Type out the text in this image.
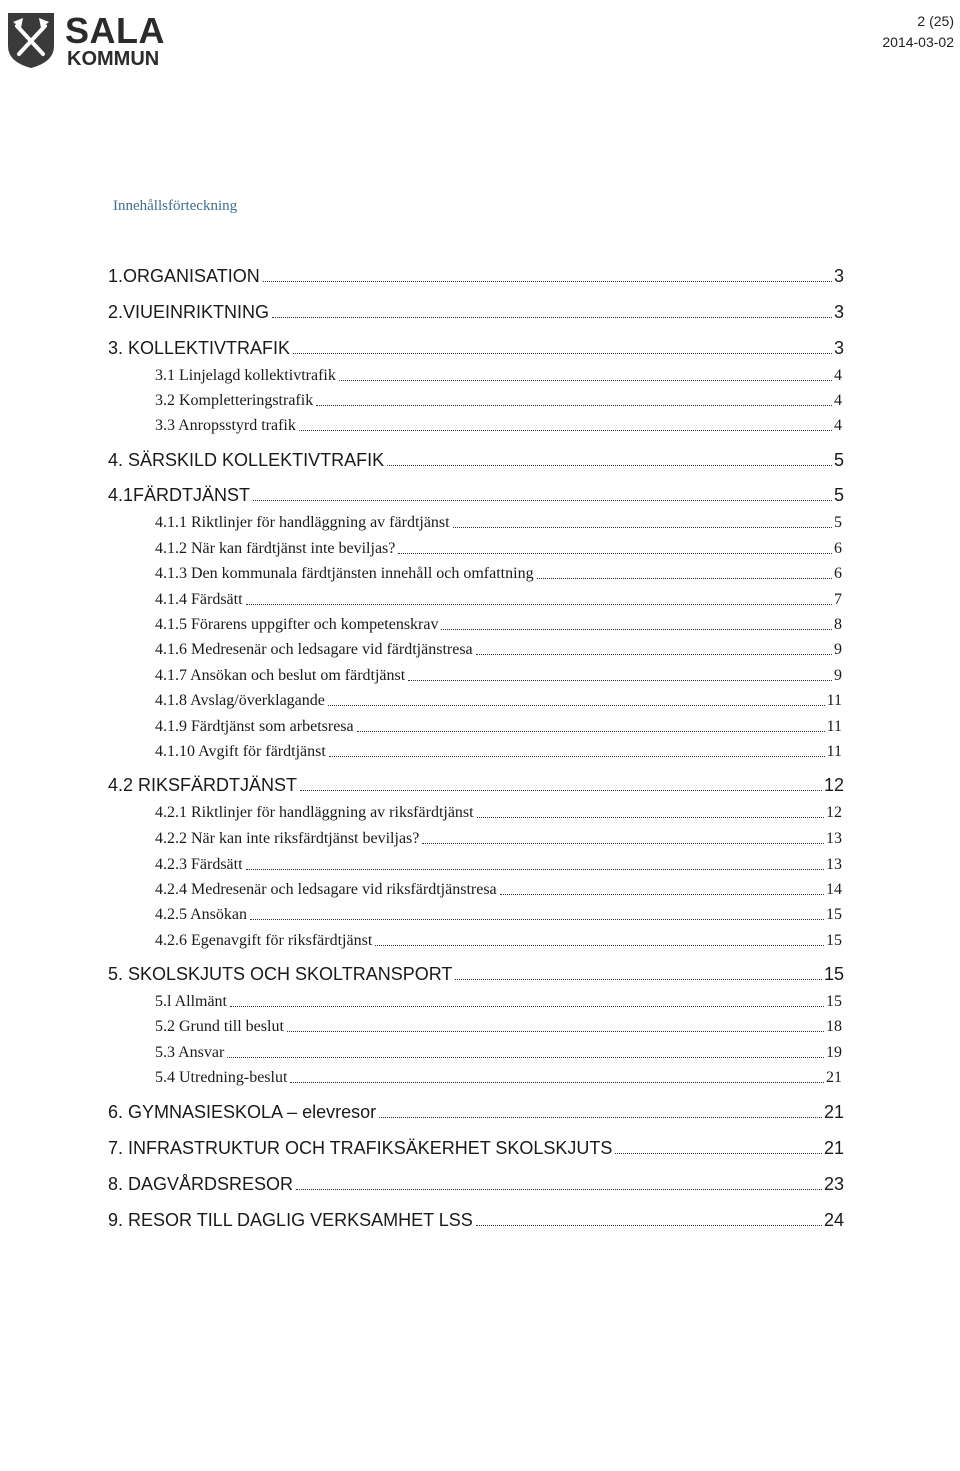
SALA
KOMMUN
2 (25)
2014-03-02
Innehållsförteckning
1.ORGANISATION	3
2.VIUEINRIKTNING	3
3. KOLLEKTIVTRAFIK	3
3.1 Linjelagd kollektivtrafik	4
3.2 Kompletteringstrafik	4
3.3 Anropsstyrd trafik	4
4. SÄRSKILD KOLLEKTIVTRAFIK	5
4.1FÄRDTJÄNST	5
4.1.1 Riktlinjer för handläggning av färdtjänst	5
4.1.2 När kan färdtjänst inte beviljas?	6
4.1.3 Den kommunala färdtjänsten innehåll och omfattning	6
4.1.4 Färdsätt	7
4.1.5 Förarens uppgifter och kompetenskrav	8
4.1.6 Medresenär och ledsagare vid färdtjänstresa	9
4.1.7 Ansökan och beslut om färdtjänst	9
4.1.8 Avslag/överklagande	11
4.1.9 Färdtjänst som arbetsresa	11
4.1.10 Avgift för färdtjänst	11
4.2 RIKSFÄRDTJÄNST	12
4.2.1 Riktlinjer för handläggning av riksfärdtjänst	12
4.2.2 När kan inte riksfärdtjänst beviljas?	13
4.2.3 Färdsätt	13
4.2.4 Medresenär och ledsagare vid riksfärdtjänstresa	14
4.2.5 Ansökan	15
4.2.6 Egenavgift för riksfärdtjänst	15
5. SKOLSKJUTS OCH SKOLTRANSPORT	15
5.l Allmänt	15
5.2 Grund till beslut	18
5.3 Ansvar	19
5.4 Utredning-beslut	21
6. GYMNASIESKOLA – elevresor	21
7. INFRASTRUKTUR OCH TRAFIKSÄKERHET SKOLSKJUTS	21
8. DAGVÅRDSRESOR	23
9. RESOR TILL DAGLIG VERKSAMHET LSS	24
